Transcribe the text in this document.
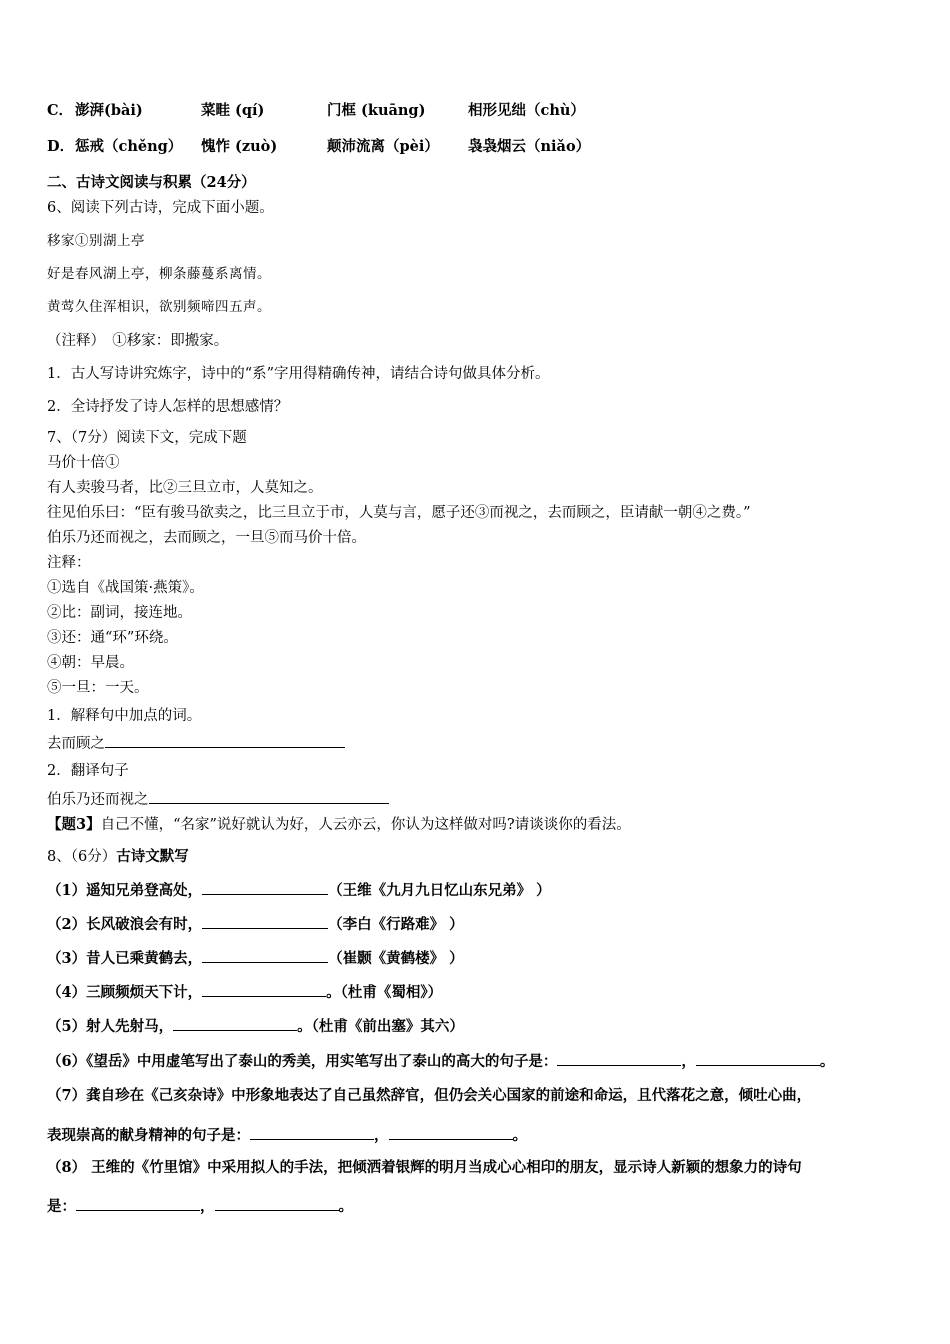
C． 澎湃(bài)	菜畦 (qí)	门框 (kuāng)	相形见绌（chù）
D． 惩戒（chěng） 愧怍 (zuò)	颠沛流离（pèi） 袅袅烟云（niǎo）
二、古诗文阅读与积累（24分）
6、阅读下列古诗，完成下面小题。
移家①别湖上亭
好是春风湖上亭，柳条藤蔓系离情。
黄莺久住浑相识，欲别频啼四五声。
（注释）　①移家：即搬家。
1．古人写诗讲究炼字，诗中的“系”字用得精确传神，请结合诗句做具体分析。
2．全诗抒发了诗人怎样的思想感情？
7、（7分）阅读下文，完成下题
马价十倍①
有人卖骏马者，比②三旦立市，人莫知之。
往见伯乐曰：“臣有骏马欲卖之，比三旦立于市，人莫与言，愿子还③而视之，去而顾之，臣请献一朝④之费。”
伯乐乃还而视之，去而顾之，一旦⑤而马价十倍。
注释：
①选自《战国策·燕策》。
②比：副词，接连地。
③还：通“环”环绕。
④朝：早晨。
⑤一旦：一天。
1．解释句中加点的词。
去而顾之
2．翻译句子
伯乐乃还而视之
【题3】自己不懂，“名家”说好就认为好，人云亦云，你认为这样做对吗?请谈谈你的看法。
8、（6分）古诗文默写
（1）遥知兄弟登高处，	（王维《九月九日忆山东兄弟》 ）
（2）长风破浪会有时，	（李白《行路难》 ）
（3）昔人已乘黄鹤去，	（崔颢《黄鹤楼》 ）
（4）三顾频烦天下计，	。（杜甫《蜀相》）
（5）射人先射马，	。（杜甫《前出塞》其六）
（6）《望岳》中用虚笔写出了泰山的秀美，用实笔写出了泰山的高大的句子是：	，	。
（7）龚自珍在《己亥杂诗》中形象地表达了自己虽然辞官，但仍会关心国家的前途和命运，且代落花之意，倾吐心曲，
表现崇高的献身精神的句子是：	，	。
（8） 王维的《竹里馆》中采用拟人的手法，把倾洒着银辉的明月当成心心相印的朋友，显示诗人新颖的想象力的诗句
是：	，	。
